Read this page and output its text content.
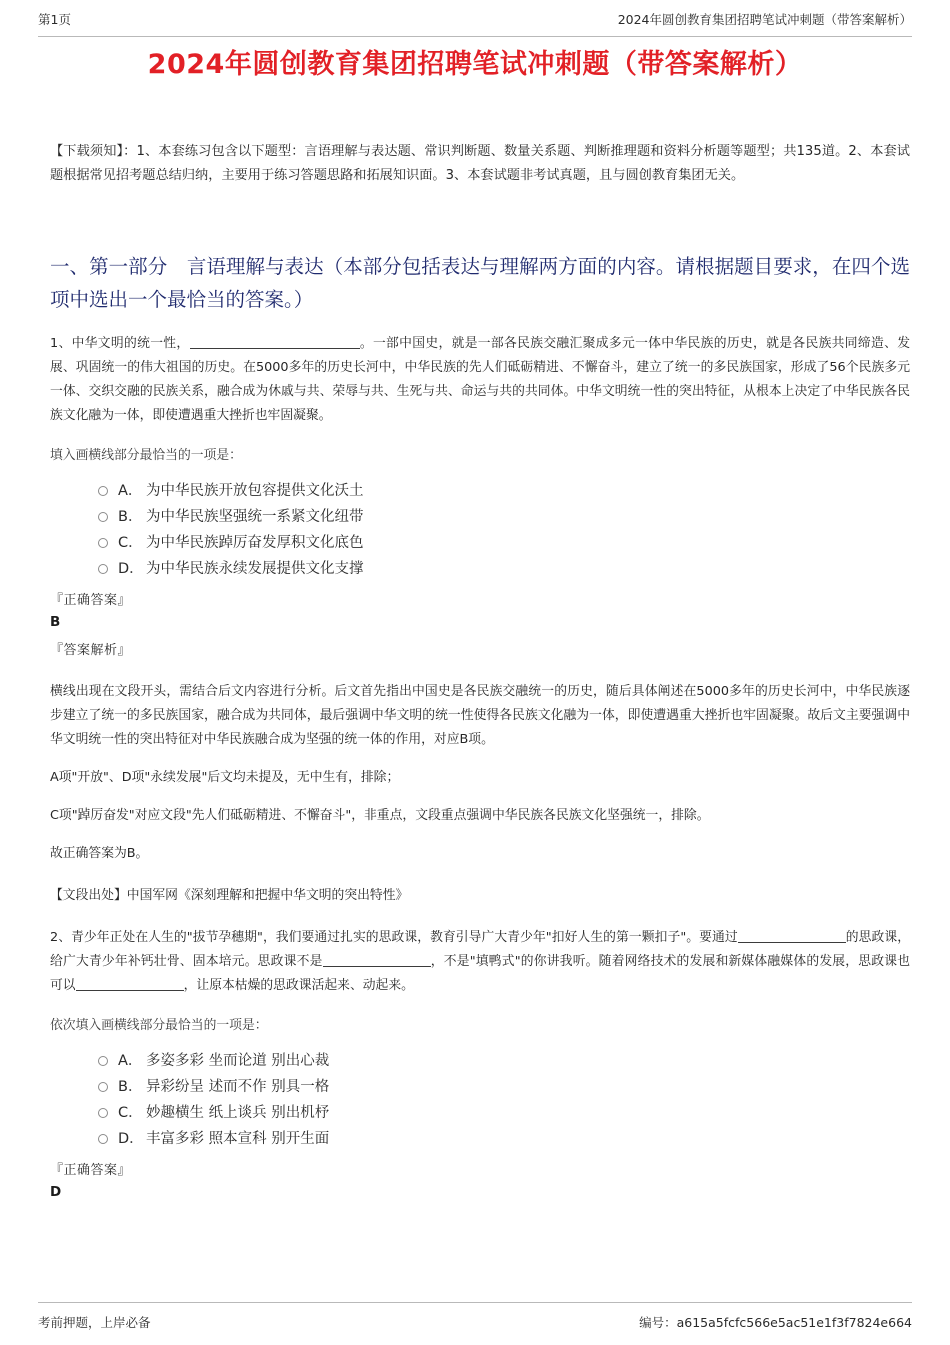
第1页	2024年圆创教育集团招聘笔试冲刺题（带答案解析）
2024年圆创教育集团招聘笔试冲刺题（带答案解析）

【下载须知】：1、本套练习包含以下题型：言语理解与表达题、常识判断题、数量关系题、判断推理题和资料分析题等题型；共135道。2、本套试题根据常见招考题总结归纳，主要用于练习答题思路和拓展知识面。3、本套试题非考试真题，且与圆创教育集团无关。

一、第一部分　言语理解与表达（本部分包括表达与理解两方面的内容。请根据题目要求，在四个选项中选出一个最恰当的答案。）

1、中华文明的统一性，	。一部中国史，就是一部各民族交融汇聚成多元一体中华民族的历史，就是各民族共同缔造、发展、巩固统一的伟大祖国的历史。在5000多年的历史长河中，中华民族的先人们砥砺精进、不懈奋斗，建立了统一的多民族国家，形成了56个民族多元一体、交织交融的民族关系，融合成为休戚与共、荣辱与共、生死与共、命运与共的共同体。中华文明统一性的突出特征，从根本上决定了中华民族各民族文化融为一体，即使遭遇重大挫折也牢固凝聚。

填入画横线部分最恰当的一项是：

A． 为中华民族开放包容提供文化沃土
B． 为中华民族坚强统一系紧文化纽带
C． 为中华民族踔厉奋发厚积文化底色
D． 为中华民族永续发展提供文化支撑

『正确答案』

B

『答案解析』

横线出现在文段开头，需结合后文内容进行分析。后文首先指出中国史是各民族交融统一的历史，随后具体阐述在5000多年的历史长河中，中华民族逐步建立了统一的多民族国家，融合成为共同体，最后强调中华文明的统一性使得各民族文化融为一体，即使遭遇重大挫折也牢固凝聚。故后文主要强调中华文明统一性的突出特征对中华民族融合成为坚强的统一体的作用，对应B项。

A项"开放"、D项"永续发展"后文均未提及，无中生有，排除；

C项"踔厉奋发"对应文段"先人们砥砺精进、不懈奋斗"，非重点，文段重点强调中华民族各民族文化坚强统一，排除。

故正确答案为B。

【文段出处】中国军网《深刻理解和把握中华文明的突出特性》

2、青少年正处在人生的"拔节孕穗期"，我们要通过扎实的思政课，教育引导广大青少年"扣好人生的第一颗扣子"。要通过	的思政课，给广大青少年补钙壮骨、固本培元。思政课不是	，不是"填鸭式"的你讲我听。随着网络技术的发展和新媒体融媒体的发展，思政课也可以	，让原本枯燥的思政课活起来、动起来。

依次填入画横线部分最恰当的一项是：

A． 多姿多彩 坐而论道 别出心裁
B． 异彩纷呈 述而不作 别具一格
C． 妙趣横生 纸上谈兵 别出机杼
D． 丰富多彩 照本宣科 别开生面

『正确答案』

D

考前押题，上岸必备	编号：a615a5fcfc566e5ac51e1f3f7824e664
